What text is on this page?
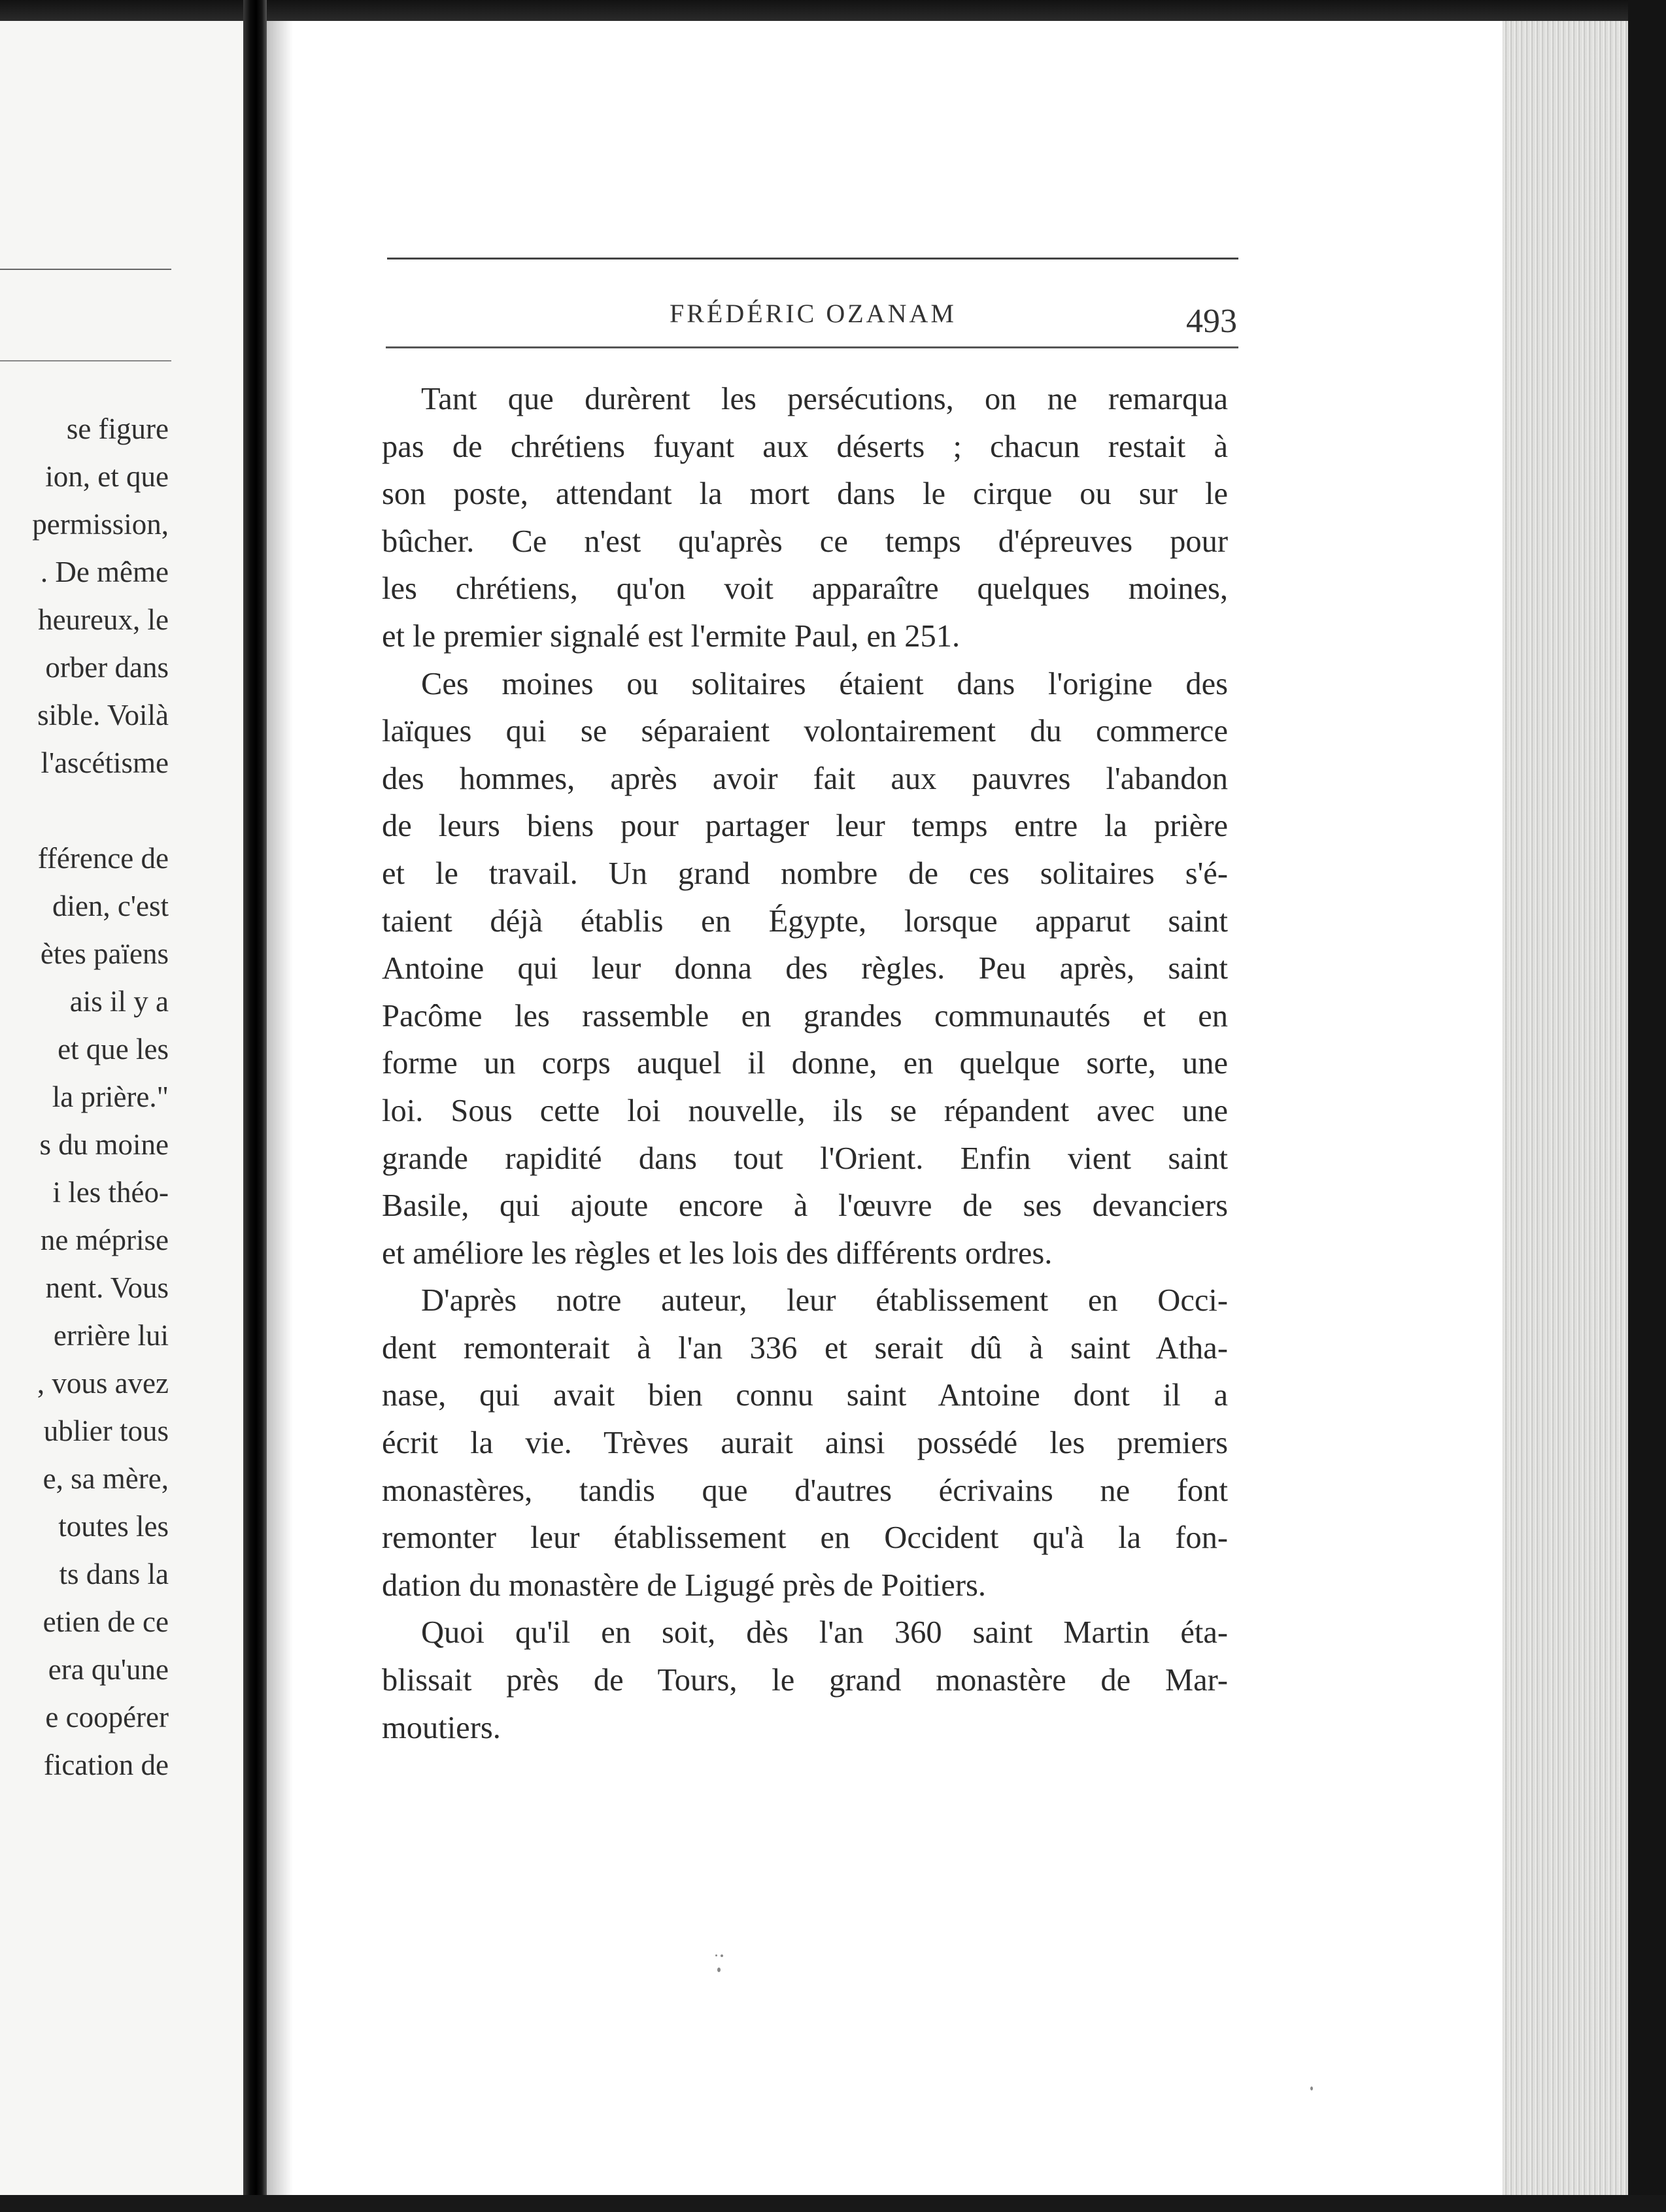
se figure
ion, et que
permission,
. De même
heureux, le
orber dans
sible. Voilà
l'ascétisme
fférence de
dien, c'est
ètes païens
ais il y a
et que les
la prière."
s du moine
i les théo-
ne méprise
nent. Vous
errière lui
, vous avez
ublier tous
e, sa mère,
toutes les
ts dans la
etien de ce
era qu'une
e coopérer
fication de
FRÉDÉRIC OZANAM	493
Tant que durèrent les persécutions, on ne remarqua
pas de chrétiens fuyant aux déserts ; chacun restait à
son poste, attendant la mort dans le cirque ou sur le
bûcher. Ce n'est qu'après ce temps d'épreuves pour
les chrétiens, qu'on voit apparaître quelques moines,
et le premier signalé est l'ermite Paul, en 251.
Ces moines ou solitaires étaient dans l'origine des
laïques qui se séparaient volontairement du commerce
des hommes, après avoir fait aux pauvres l'abandon
de leurs biens pour partager leur temps entre la prière
et le travail. Un grand nombre de ces solitaires s'é-
taient déjà établis en Égypte, lorsque apparut saint
Antoine qui leur donna des règles. Peu après, saint
Pacôme les rassemble en grandes communautés et en
forme un corps auquel il donne, en quelque sorte, une
loi. Sous cette loi nouvelle, ils se répandent avec une
grande rapidité dans tout l'Orient. Enfin vient saint
Basile, qui ajoute encore à l'œuvre de ses devanciers
et améliore les règles et les lois des différents ordres.
D'après notre auteur, leur établissement en Occi-
dent remonterait à l'an 336 et serait dû à saint Atha-
nase, qui avait bien connu saint Antoine dont il a
écrit la vie. Trèves aurait ainsi possédé les premiers
monastères, tandis que d'autres écrivains ne font
remonter leur établissement en Occident qu'à la fon-
dation du monastère de Ligugé près de Poitiers.
Quoi qu'il en soit, dès l'an 360 saint Martin éta-
blissait près de Tours, le grand monastère de Mar-
moutiers.
